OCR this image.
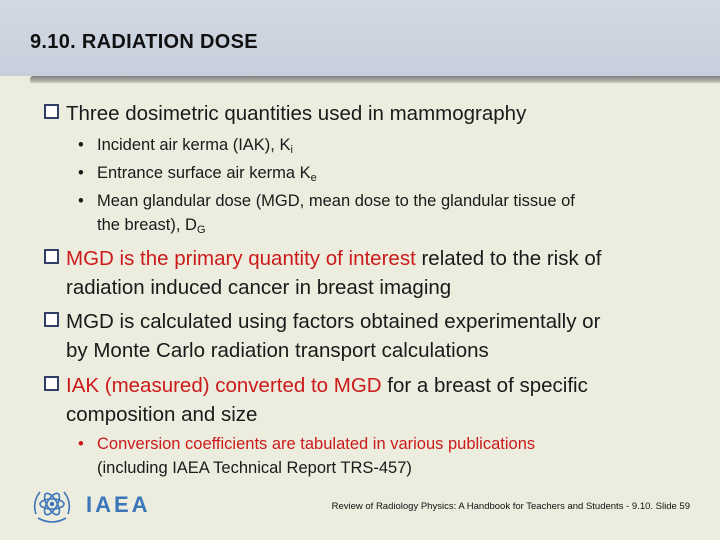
9.10. RADIATION DOSE
Three dosimetric quantities used in mammography
• Incident air kerma (IAK), $K_i$
• Entrance surface air kerma $K_e$
• Mean glandular dose (MGD, mean dose to the glandular tissue of
the breast), $D_G$
MGD is the primary quantity of interest related to the risk of
radiation induced cancer in breast imaging
MGD is calculated using factors obtained experimentally or
by Monte Carlo radiation transport calculations
IAK (measured) converted to MGD for a breast of specific
composition and size
• Conversion coefficients are tabulated in various publications
(including IAEA Technical Report TRS-457)
IAEA	Review of Radiology Physics: A Handbook for Teachers and Students - 9.10. Slide 59
